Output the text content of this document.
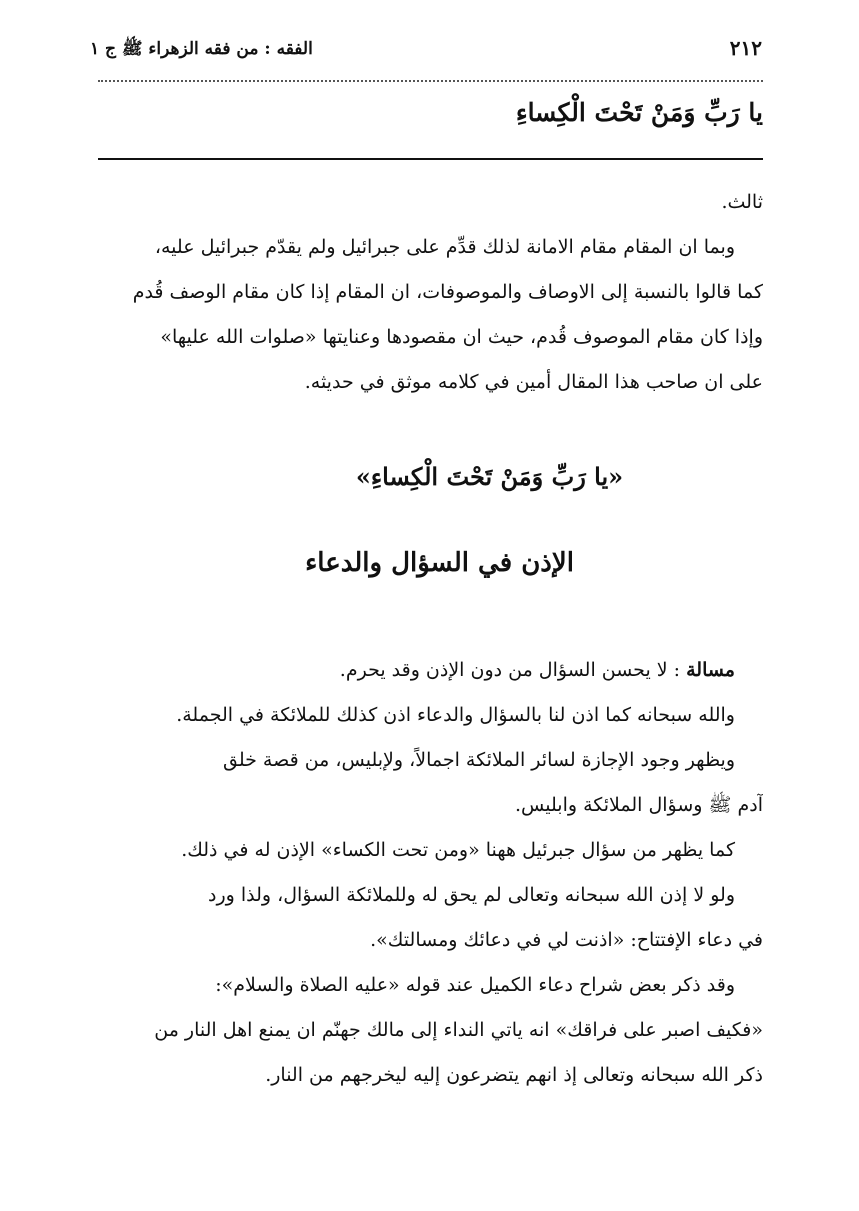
٢١٢
الفقه : من فقه الزهراء ﷺ ج ١
يا رَبِّ وَمَنْ تَحْتَ الْكِساءِ
ثالث.
وبما ان المقام مقام الامانة لذلك قدِّم على جبرائيل ولم يقدّم جبرائيل عليه،
كما قالوا بالنسبة إلى الاوصاف والموصوفات، ان المقام إذا كان مقام الوصف قُدم
وإذا كان مقام الموصوف قُدم، حيث ان مقصودها وعنايتها «صلوات الله عليها»
على ان صاحب هذا المقال أمين في كلامه موثق في حديثه.
«يا رَبِّ وَمَنْ تَحْتَ الْكِساءِ»
الإذن في السؤال والدعاء
مسالة : لا يحسن السؤال من دون الإذن وقد يحرم.
والله سبحانه كما اذن لنا بالسؤال والدعاء اذن كذلك للملائكة في الجملة.
ويظهر وجود الإجازة لسائر الملائكة اجمالاً، ولإبليس، من قصة خلق
آدم ﷺ وسؤال الملائكة وابليس.
كما يظهر من سؤال جبرئيل ههنا «ومن تحت الكساء» الإذن له في ذلك.
ولو لا إذن الله سبحانه وتعالى لم يحق له وللملائكة السؤال، ولذا ورد
في دعاء الإفتتاح: «اذنت لي في دعائك ومسالتك».
وقد ذكر بعض شراح دعاء الكميل عند قوله «عليه الصلاة والسلام»:
«فكيف اصبر على فراقك» انه ياتي النداء إلى مالك جهنّم ان يمنع اهل النار من
ذكر الله سبحانه وتعالى إذ انهم يتضرعون إليه ليخرجهم من النار.
